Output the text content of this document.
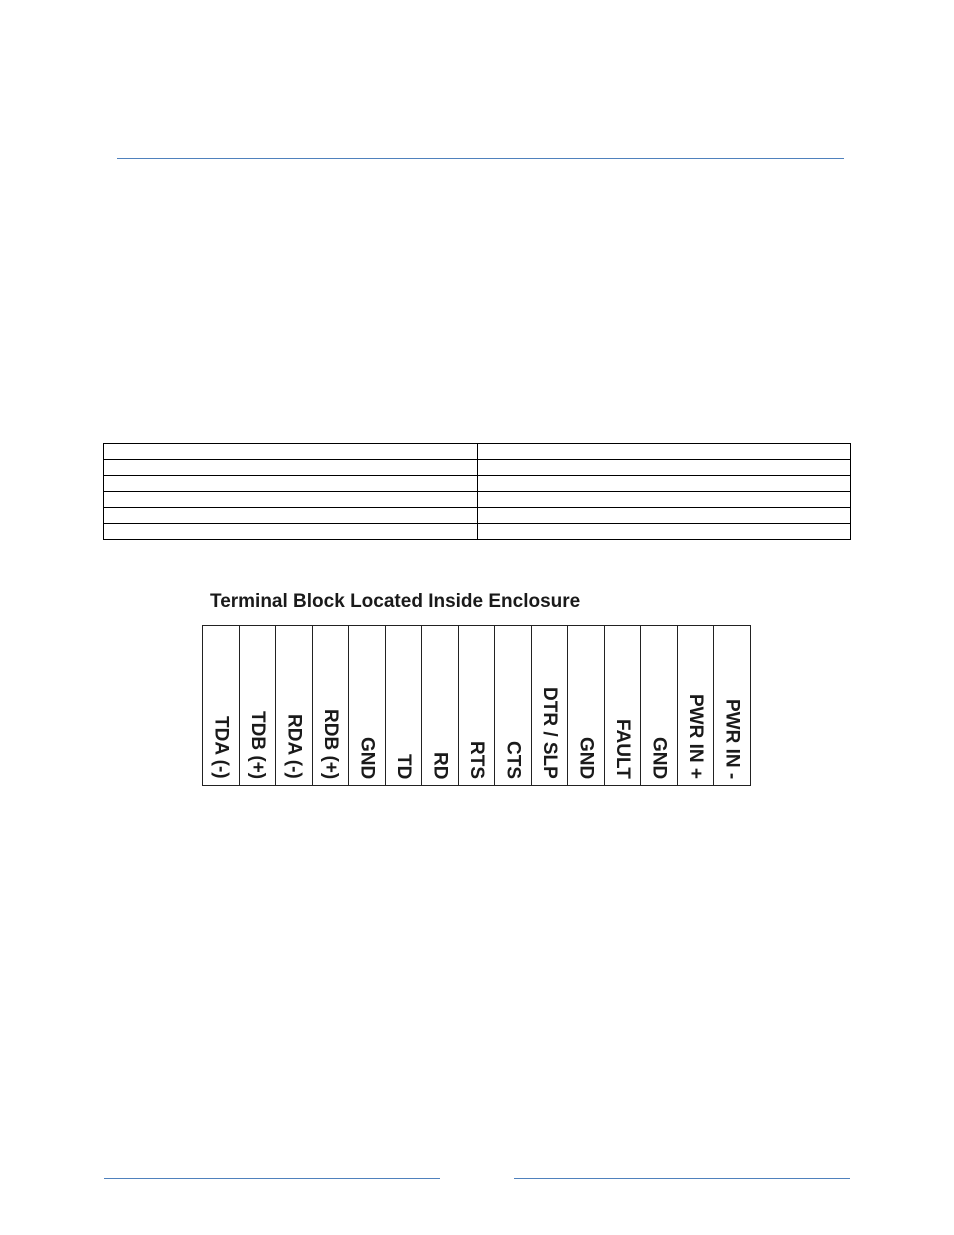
Terminal Block Located Inside Enclosure
TDA (-) TDB (+) RDA (-) RDB (+) GND TD RD RTS CTS DTR / SLP GND FAULT GND PWR IN + PWR IN -
